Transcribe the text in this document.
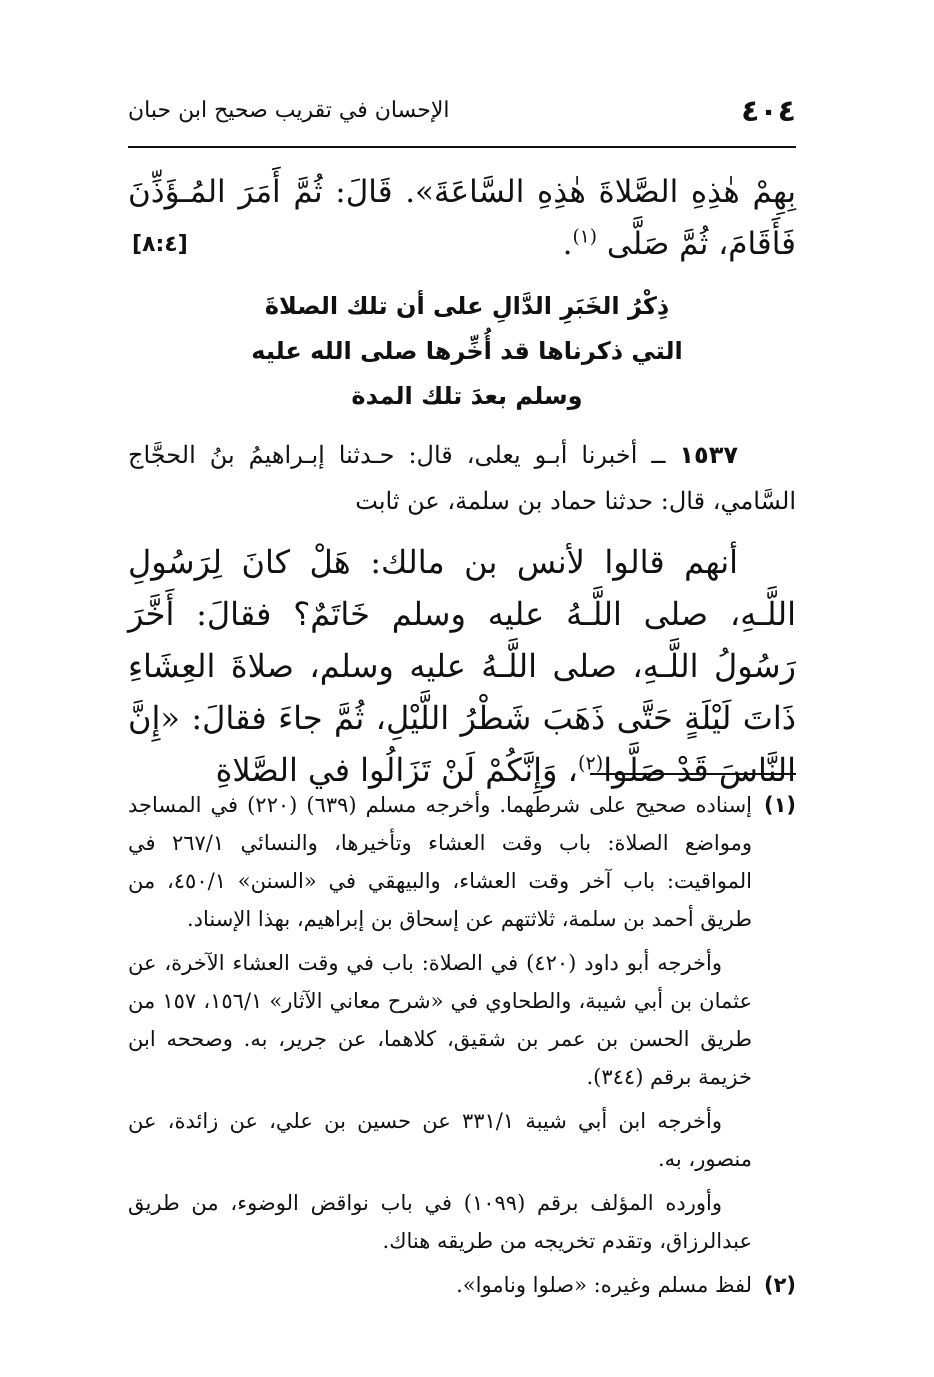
٤٠٤
الإحسان في تقريب صحيح ابن حبان
بِهِمْ هٰذِهِ الصَّلاةَ هٰذِهِ السَّاعَةَ». قَالَ: ثُمَّ أَمَرَ المُـؤَذِّنَ فَأَقَامَ، ثُمَّ صَلَّى $^{(١)}$.
[٨:٤]
ذِكْرُ الخَبَرِ الدَّالِ على أن تلك الصلاةَ
التي ذكرناها قد أُخِّرها صلى الله عليه
وسلم بعدَ تلك المدة
١٥٣٧ ــ أخبرنا أبـو يعلى، قال: حـدثنا إبـراهيمُ بنُ الحجَّاج السَّامي، قال: حدثنا حماد بن سلمة، عن ثابت
أنهم قالوا لأنس بن مالك: هَلْ كانَ لِرَسُولِ اللَّـهِ، صلى اللَّـهُ عليه وسلم خَاتَمٌ؟ فقالَ: أَخَّرَ رَسُولُ اللَّـهِ، صلى اللَّـهُ عليه وسلم، صلاةَ العِشَاءِ ذَاتَ لَيْلَةٍ حَتَّى ذَهَبَ شَطْرُ اللَّيْلِ، ثُمَّ جاءَ فقالَ: «إِنَّ النَّاسَ قَدْ صَلَّوا$^{(٢)}$، وَإِنَّكُمْ لَنْ تَزَالُوا في الصَّلاةِ
(١)
إسناده صحيح على شرطهما. وأخرجه مسلم (٦٣٩) (٢٢٠) في المساجد ومواضع الصلاة: باب وقت العشاء وتأخيرها، والنسائي ٢٦٧/١ في المواقيت: باب آخر وقت العشاء، والبيهقي في «السنن» ٤٥٠/١، من طريق أحمد بن سلمة، ثلاثتهم عن إسحاق بن إبراهيم، بهذا الإسناد.
وأخرجه أبو داود (٤٢٠) في الصلاة: باب في وقت العشاء الآخرة، عن عثمان بن أبي شيبة، والطحاوي في «شرح معاني الآثار» ١٥٦/١، ١٥٧ من طريق الحسن بن عمر بن شقيق، كلاهما، عن جرير، به. وصححه ابن خزيمة برقم (٣٤٤).
وأخرجه ابن أبي شيبة ٣٣١/١ عن حسين بن علي، عن زائدة، عن منصور، به.
وأورده المؤلف برقم (١٠٩٩) في باب نواقض الوضوء، من طريق عبدالرزاق، وتقدم تخريجه من طريقه هناك.
(٢)
لفظ مسلم وغيره: «صلوا وناموا».
